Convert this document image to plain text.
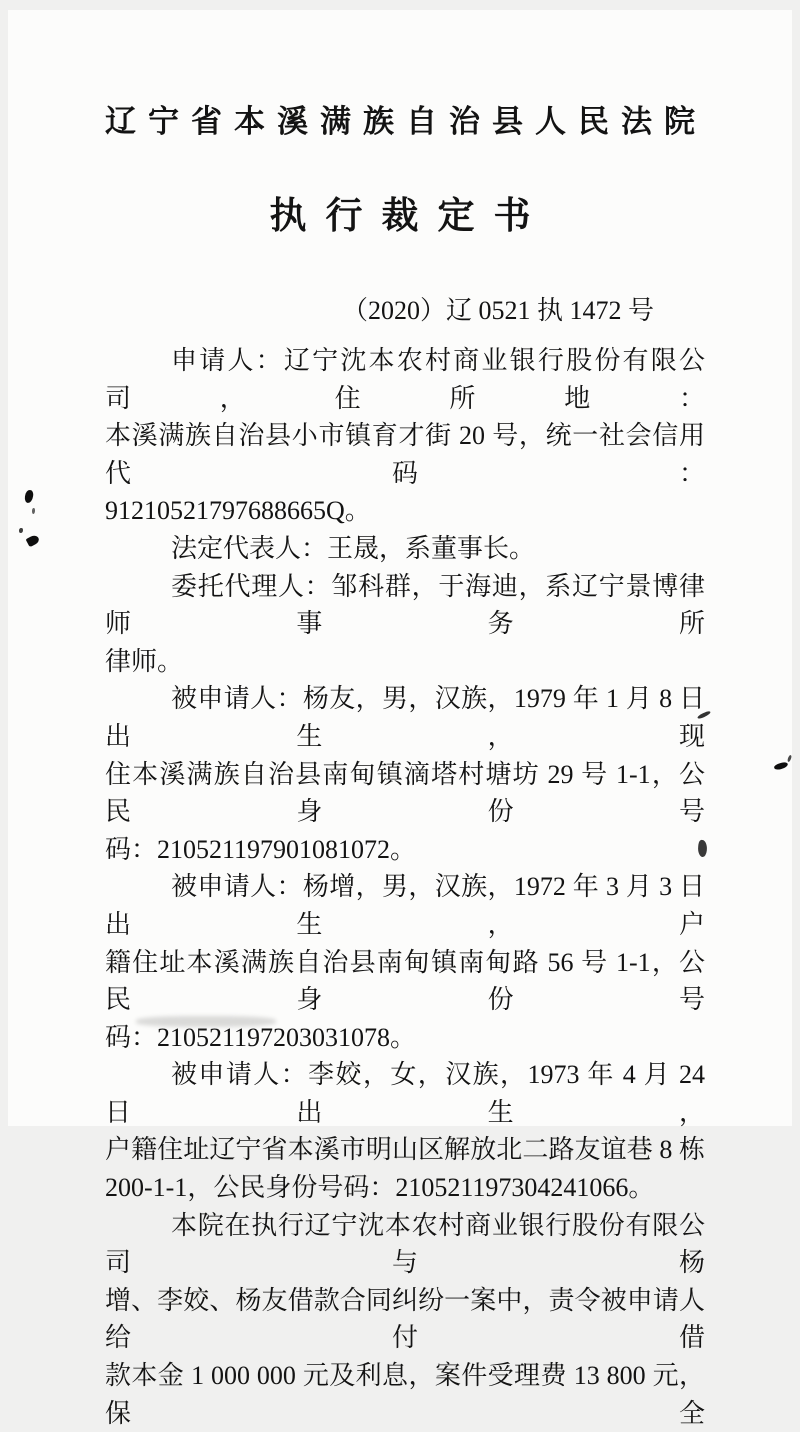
辽宁省本溪满族自治县人民法院
执行裁定书
（2020）辽 0521 执 1472 号
申请人：辽宁沈本农村商业银行股份有限公司，住所地：
本溪满族自治县小市镇育才街 20 号，统一社会信用代码：
91210521797688665Q。
法定代表人：王晟，系董事长。
委托代理人：邹科群，于海迪，系辽宁景博律师事务所
律师。
被申请人：杨友，男，汉族，1979 年 1 月 8 日出生，现
住本溪满族自治县南甸镇滴塔村塘坊 29 号 1-1，公民身份号
码：210521197901081072。
被申请人：杨增，男，汉族，1972 年 3 月 3 日出生，户
籍住址本溪满族自治县南甸镇南甸路 56 号 1-1，公民身份号
码：210521197203031078。
被申请人：李姣，女，汉族，1973 年 4 月 24 日出生，
户籍住址辽宁省本溪市明山区解放北二路友谊巷 8 栋
200-1-1，公民身份号码：210521197304241066。
本院在执行辽宁沈本农村商业银行股份有限公司与杨
增、李姣、杨友借款合同纠纷一案中，责令被申请人给付借
款本金 1 000 000 元及利息，案件受理费 13 800 元，保全
